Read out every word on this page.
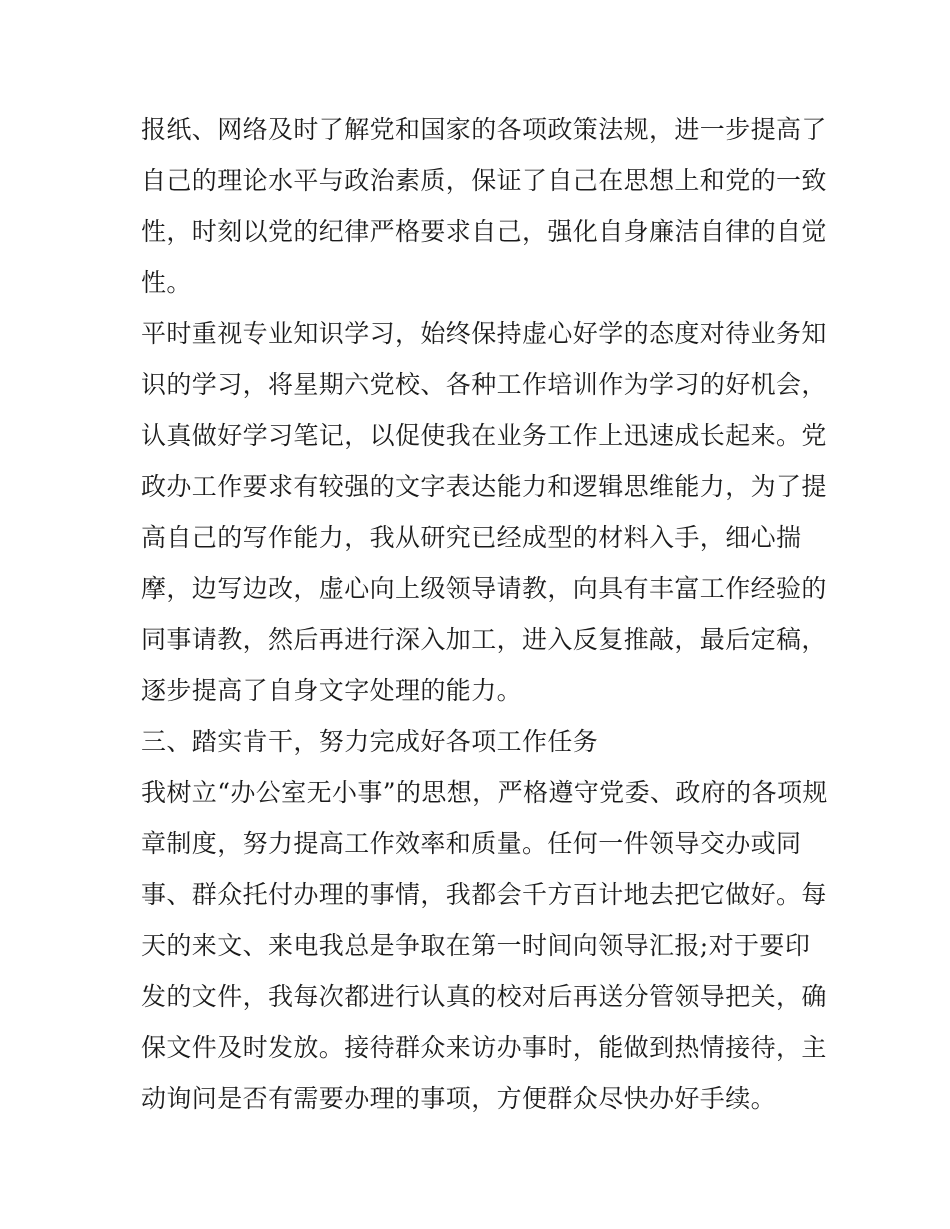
报纸、网络及时了解党和国家的各项政策法规，进一步提高了
自己的理论水平与政治素质，保证了自己在思想上和党的一致
性，时刻以党的纪律严格要求自己，强化自身廉洁自律的自觉
性。
平时重视专业知识学习，始终保持虚心好学的态度对待业务知
识的学习，将星期六党校、各种工作培训作为学习的好机会，
认真做好学习笔记，以促使我在业务工作上迅速成长起来。党
政办工作要求有较强的文字表达能力和逻辑思维能力，为了提
高自己的写作能力，我从研究已经成型的材料入手，细心揣
摩，边写边改，虚心向上级领导请教，向具有丰富工作经验的
同事请教，然后再进行深入加工，进入反复推敲，最后定稿，
逐步提高了自身文字处理的能力。
三、踏实肯干，努力完成好各项工作任务
我树立“办公室无小事”的思想，严格遵守党委、政府的各项规
章制度，努力提高工作效率和质量。任何一件领导交办或同
事、群众托付办理的事情，我都会千方百计地去把它做好。每
天的来文、来电我总是争取在第一时间向领导汇报;对于要印
发的文件，我每次都进行认真的校对后再送分管领导把关，确
保文件及时发放。接待群众来访办事时，能做到热情接待，主
动询问是否有需要办理的事项，方便群众尽快办好手续。
